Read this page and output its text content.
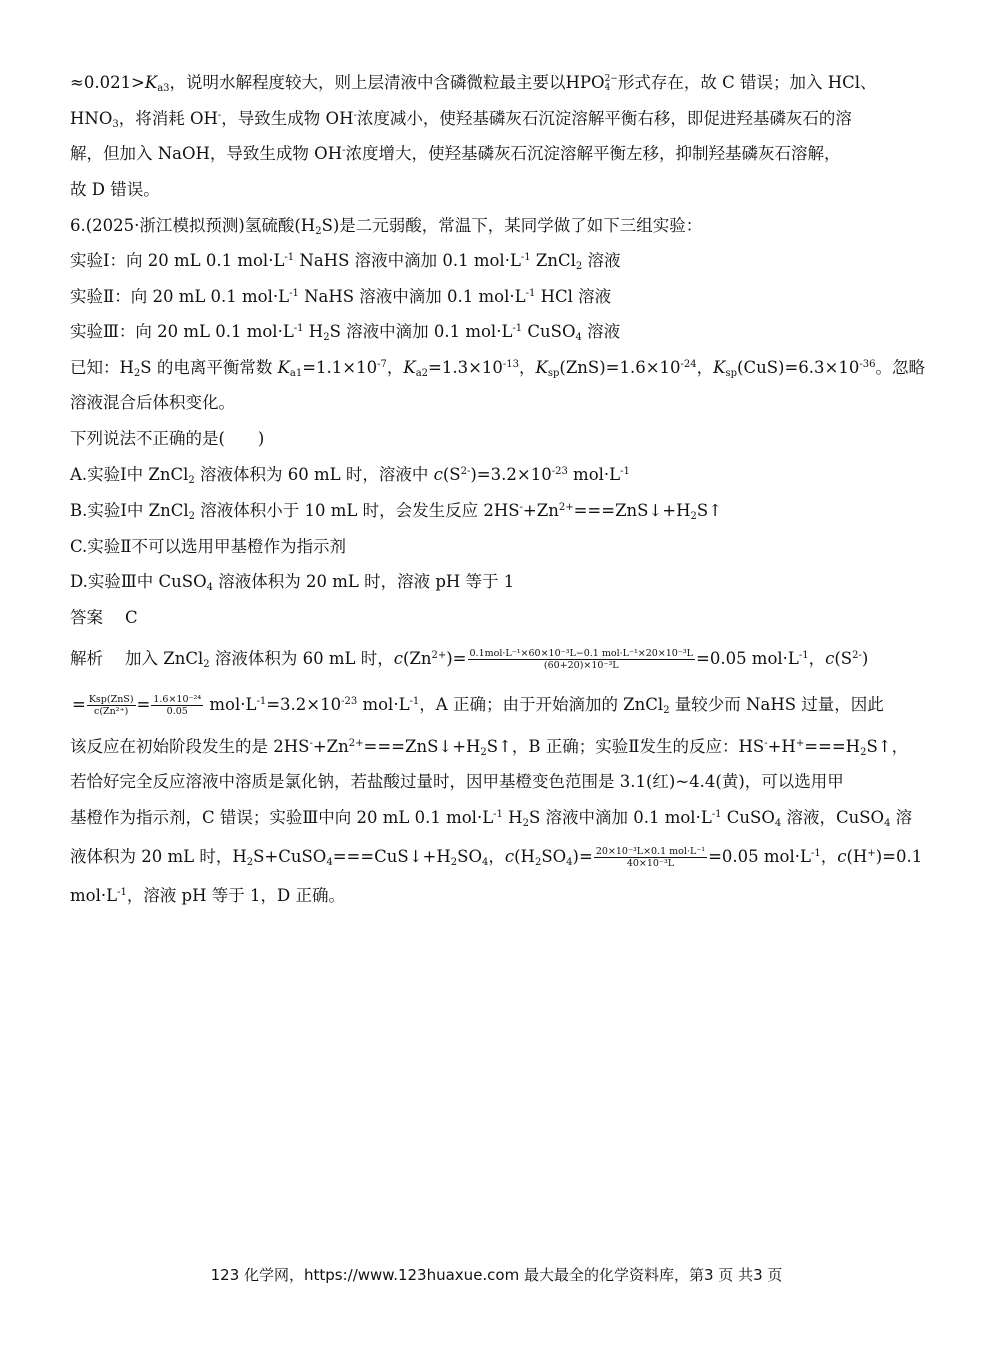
$\approx 0.021>K_{a3}$，说明水解程度较大，则上层清液中含磷微粒最主要以HPO 2−
4 形式存在，故 C 错误；加入 HCl、
$HNO_3$，将消耗 OH-，导致生成物 OH-浓度减小，使羟基磷灰石沉淀溶解平衡右移，即促进羟基磷灰石的溶
解，但加入 NaOH，导致生成物 OH-浓度增大，使羟基磷灰石沉淀溶解平衡左移，抑制羟基磷灰石溶解，
故 D 错误。
6.(2025·浙江模拟预测)氢硫酸$(H_2S)$是二元弱酸，常温下，某同学做了如下三组实验：
实验Ⅰ：向 20 mL 0.1 $mol\cdot L^{-1}$ NaHS 溶液中滴加 0.1 $mol\cdot L^{-1}$ ZnCl$_2$ 溶液
实验Ⅱ：向 20 mL 0.1 $mol\cdot L^{-1}$ NaHS 溶液中滴加 0.1 $mol\cdot L^{-1}$ HCl 溶液
实验Ⅲ：向 20 mL 0.1 $mol\cdot L^{-1}$ $H_2S$ 溶液中滴加 0.1 $mol\cdot L^{-1}$ CuSO$_4$ 溶液
已知：$H_2S$ 的电离平衡常数 $K_{a1}=1.1\times 10^{-7}$，$K_{a2}=1.3\times 10^{-13}$，$K_{sp}(ZnS)=1.6\times 10^{-24}$，$K_{sp}(CuS)=6.3\times 10^{-36}$。忽略
溶液混合后体积变化。
下列说法不正确的是(　　)
A.实验Ⅰ中 ZnCl$_2$ 溶液体积为 60 mL 时，溶液中 $c(S^{2-})=3.2\times 10^{-23}$ $mol\cdot L^{-1}$
B.实验Ⅰ中 ZnCl$_2$ 溶液体积小于 10 mL 时，会发生反应 $2HS^-+Zn^{2+}===ZnS↓+H_2S↑$
C.实验Ⅱ不可以选用甲基橙作为指示剂
D.实验Ⅲ中 CuSO$_4$ 溶液体积为 20 mL 时，溶液 pH 等于 1
答案 C
解析 加入 ZnCl$_2$ 溶液体积为 60 mL 时，$c(Zn^{2+})= \frac{\text{0.1mol·L⁻¹×60×10⁻³L−0.1 mol·L⁻¹×20×10⁻³L}}{\text{(60+20)×10⁻³L}} =0.05$ $mol\cdot L^{-1}$，$c(S^{2-})$
= $\frac{\text{Ksp(ZnS)}}{\text{c(Zn²⁺)}} = \frac{\text{1.6×10⁻²⁴}}{0.05} mol\cdot L^{-1}=3.2\times 10^{-23}$ $mol\cdot L^{-1}$，A 正确；由于开始滴加的 ZnCl$_2$ 量较少而 NaHS 过量，因此
该反应在初始阶段发生的是 $2HS^-+Zn^{2+}===ZnS↓+H_2S↑$，B 正确；实验Ⅱ发生的反应：$HS^-+H^+===H_2S↑$，
若恰好完全反应溶液中溶质是氯化钠，若盐酸过量时，因甲基橙变色范围是 3.1(红)~4.4(黄)，可以选用甲
基橙作为指示剂，C 错误；实验Ⅲ中向 20 mL 0.1 $mol\cdot L^{-1}$ $H_2S$ 溶液中滴加 0.1 $mol\cdot L^{-1}$ CuSO$_4$ 溶液，CuSO$_4$ 溶
液体积为 20 mL 时，$H_2S+CuSO_4===CuS↓+H_2SO_4$，$c(H_2SO_4)= \frac{\text{20×10⁻³L×0.1 mol·L⁻¹}}{\text{40×10⁻³L}} =0.05$ $mol\cdot L^{-1}$，c(H+)=0.1
$mol\cdot L^{-1}$，溶液 pH 等于 1，D 正确。
123 化学网，https://www.123huaxue.com 最大最全的化学资料库，第3 页 共3 页
